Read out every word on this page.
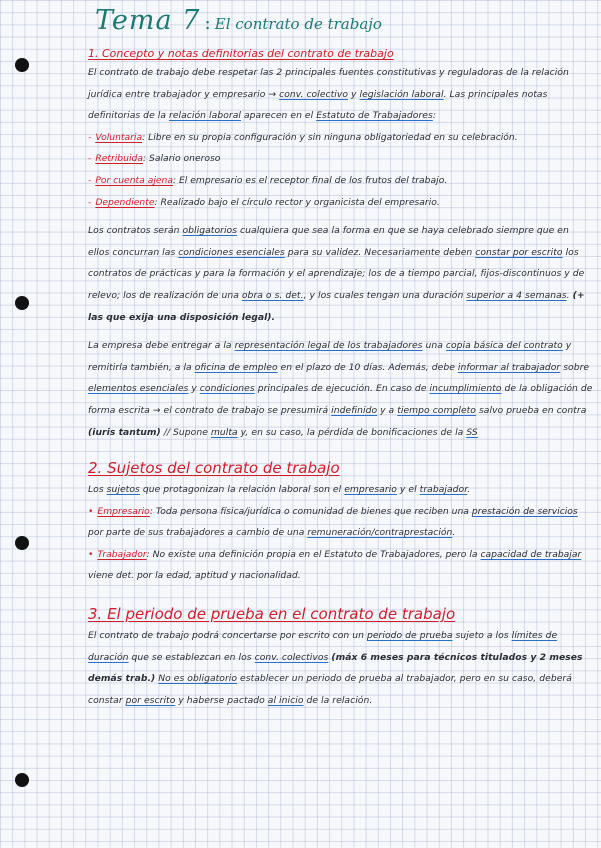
Tema 7 : El contrato de trabajo

1. Concepto y notas definitorias del contrato de trabajo

El contrato de trabajo debe respetar las 2 principales fuentes constitutivas y reguladoras de la relación jurídica entre trabajador y empresario → conv. colectivo y legislación laboral. Las principales notas definitorias de la relación laboral aparecen en el Estatuto de Trabajadores:

- Voluntaria: Libre en su propia configuración y sin ninguna obligatoriedad en su celebración.
- Retribuida: Salario oneroso
- Por cuenta ajena: El empresario es el receptor final de los frutos del trabajo.
- Dependiente: Realizado bajo el círculo rector y organicista del empresario.

Los contratos serán obligatorios cualquiera que sea la forma en que se haya celebrado siempre que en ellos concurran las condiciones esenciales para su validez. Necesariamente deben constar por escrito los contratos de prácticas y para la formación y el aprendizaje; los de a tiempo parcial, fijos-discontinuos y de relevo; los de realización de una obra o s. det., y los cuales tengan una duración superior a 4 semanas. (+ las que exija una disposición legal).

La empresa debe entregar a la representación legal de los trabajadores una copia básica del contrato y remitirla también, a la oficina de empleo en el plazo de 10 días. Además, debe informar al trabajador sobre elementos esenciales y condiciones principales de ejecución. En caso de incumplimiento de la obligación de forma escrita → el contrato de trabajo se presumirá indefinido y a tiempo completo salvo prueba en contra (iuris tantum) // Supone multa y, en su caso, la pérdida de bonificaciones de la SS

2. Sujetos del contrato de trabajo

Los sujetos que protagonizan la relación laboral son el empresario y el trabajador.

• Empresario: Toda persona física/jurídica o comunidad de bienes que reciben una prestación de servicios por parte de sus trabajadores a cambio de una remuneración/contraprestación.
• Trabajador: No existe una definición propia en el Estatuto de Trabajadores, pero la capacidad de trabajar viene det. por la edad, aptitud y nacionalidad.

3. El periodo de prueba en el contrato de trabajo

El contrato de trabajo podrá concertarse por escrito con un periodo de prueba sujeto a los límites de duración que se establezcan en los conv. colectivos (máx 6 meses para técnicos titulados y 2 meses demás trab.) No es obligatorio establecer un periodo de prueba al trabajador, pero en su caso, deberá constar por escrito y haberse pactado al inicio de la relación.
